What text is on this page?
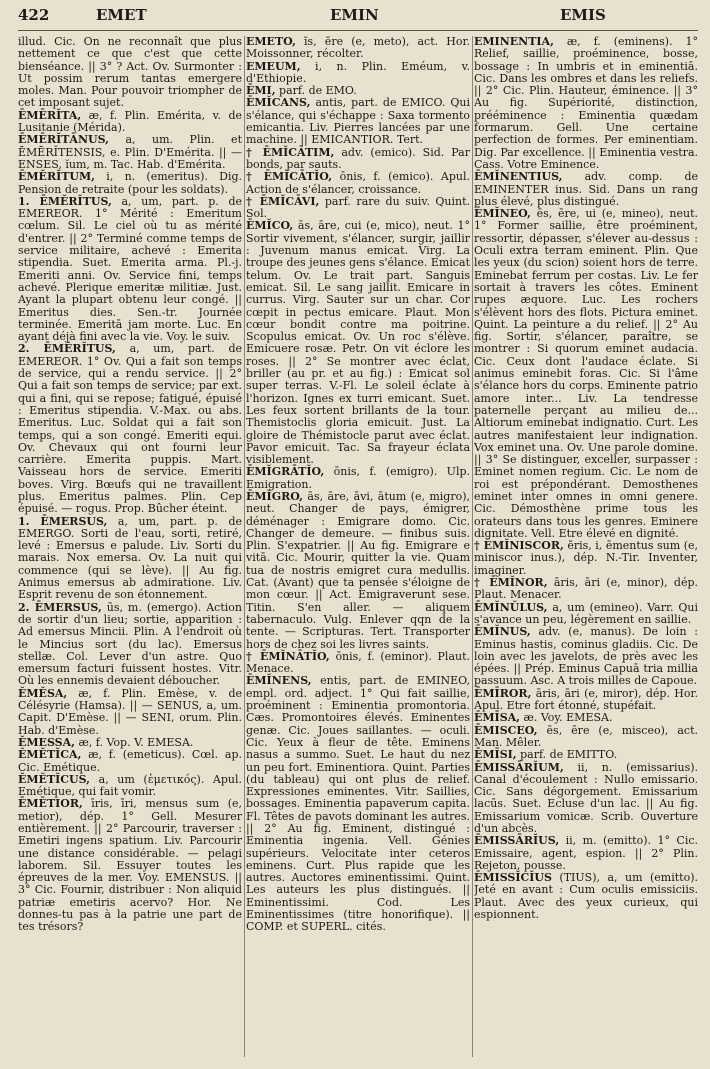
422	EMET	EMIN	EMIS

illud. Cic. On ne reconnaît que plus nettement ce que c'est que cette bienséance. || 3° ? Act. Ov. Surmonter : Ut possim rerum tantas emergere moles. Man. Pour pouvoir triompher de cet imposant sujet.

ĒMĒRĬTA, æ, f. Plin. Emérita, v. de Lusitanie (Mérida).

ĒMĒRĬTĀNUS, a, um. Plin. et ĒMĒRĬTENSIS, e. Plin. D'Emérita. || — ENSES, ĭum, m. Tac. Hab. d'Emérita.

ĒMĔRĬTUM, i, n. (emeritus). Dig. Pension de retraite (pour les soldats).

1. ĒMĔRĬTUS, a, um, part. p. de EMEREOR. 1° Mérité : Emeritum cœlum. Sil. Le ciel où tu as mérité d'entrer. || 2° Terminé comme temps de service militaire, achevé : Emerita stipendia. Suet. Emerita arma. Pl.-j. Emeriti anni. Ov. Service fini, temps achevé. Plerique emeritæ militiæ. Just. Ayant la plupart obtenu leur congé. || Emeritus dies. Sen.-tr. Journée terminée. Emeritā jam morte. Luc. En ayant déjà fini avec la vie. Voy. le suiv.

2. ĒMĔRĬTUS, a, um, part. de EMEREOR. 1° Ov. Qui a fait son temps de service, qui a rendu service. || 2° Qui a fait son temps de service; par ext. qui a fini, qui se repose; fatigué, épuisé : Emeritus stipendia. V.-Max. ou abs. Emeritus. Luc. Soldat qui a fait son temps, qui a son congé. Emeriti equi. Ov. Chevaux qui ont fourni leur carrière. Emerita puppis. Mart. Vaisseau hors de service. Emeriti boves. Virg. Bœufs qui ne travaillent plus. Emeritus palmes. Plin. Cep épuisé. — rogus. Prop. Bûcher éteint.

1. ĒMERSUS, a, um, part. p. de EMERGO. Sorti de l'eau, sorti, retiré, levé : Emersus e palude. Liv. Sorti du marais. Nox emersa. Ov. La nuit qui commence (qui se lève). || Au fig. Animus emersus ab admiratione. Liv. Esprit revenu de son étonnement.

2. ĒMERSUS, ūs, m. (emergo). Action de sortir d'un lieu; sortie, apparition : Ad emersus Mincii. Plin. A l'endroit où le Mincius sort (du lac). Emersus stellæ. Col. Lever d'un astre. Quo emersum facturi fuissent hostes. Vitr. Où les ennemis devaient déboucher.

ĔMĔSA, æ, f. Plin. Emèse, v. de Célésyrie (Hamsa). || — SENUS, a, um. Capit. D'Emèse. || — SENI, orum. Plin. Hab. d'Emèse.

ĔMESSA, æ, f. Vop. V. EMESA.

ĔMĔTĬCA, æ, f. (emeticus). Cœl. ap. Cic. Emétique.

ĔMĔTĬCUS, a, um (ἐμετικός). Apul. Emétique, qui fait vomir.

ĒMĒTIOR, īris, īri, mensus sum (e, metior), dép. 1° Gell. Mesurer entièrement. || 2° Parcourir, traverser : Emetiri ingens spatium. Liv. Parcourir une distance considérable. — pelagi laborem. Sil. Essuyer toutes les épreuves de la mer. Voy. EMENSUS. || 3° Cic. Fournir, distribuer : Non aliquid patriæ emetiris acervo? Hor. Ne donnes-tu pas à la patrie une part de tes trésors?

ĒMĔTO, ĭs, ĕre (e, meto), act. Hor. Moissonner, récolter.

EMEUM, i, n. Plin. Eméum, v. d'Ethiopie.

ĒMI, parf. de EMO.

ĒMĬCANS, antis, part. de EMICO. Qui s'élance, qui s'échappe : Saxa tormento emicantia. Liv. Pierres lancées par une machine. || EMICANTIOR. Tert.

† ĒMĬCĀTIM, adv. (emico). Sid. Par bonds, par sauts.

† ĒMĬCĀTĬO, ōnis, f. (emico). Apul. Action de s'élancer, croissance.

† ĒMĬCĀVI, parf. rare du suiv. Quint. Sol.

ĒMĬCO, ās, āre, cui (e, mico), neut. 1° Sortir vivement, s'élancer, surgir, jaillir : Juvenum manus emicat. Virg. La troupe des jeunes gens s'élance. Emicat telum. Ov. Le trait part. Sanguis emicat. Sil. Le sang jaillit. Emicare in currus. Virg. Sauter sur un char. Cor cœpit in pectus emicare. Plaut. Mon cœur bondit contre ma poitrine. Scopulus emicat. Ov. Un roc s'élève. Emicuere rosæ. Petr. On vit éclore les roses. || 2° Se montrer avec éclat, briller (au pr. et au fig.) : Emicat sol super terras. V.-Fl. Le soleil éclate à l'horizon. Ignes ex turri emicant. Suet. Les feux sortent brillants de la tour. Themistoclis gloria emicuit. Just. La gloire de Thémistocle parut avec éclat. Pavor emicuit. Tac. Sa frayeur éclata visiblement.

ĒMĬGRĀTĬO, ōnis, f. (emigro). Ulp. Emigration.

ĒMĬGRO, ās, āre, āvi, ātum (e, migro), neut. Changer de pays, émigrer, déménager : Emigrare domo. Cic. Changer de demeure. — finibus suis. Plin. S'expatrier. || Au fig. Emigrare e vitā. Cic. Mourir, quitter la vie. Quam tua de nostris emigret cura medullis. Cat. (Avant) que ta pensée s'éloigne de mon cœur. || Act. Emigraverunt sese. Titin. S'en aller. — aliquem tabernaculo. Vulg. Enlever qqn de la tente. — Scripturas. Tert. Transporter hors de chez soi les livres saints.

† ĒMĬNĀTĬO, ōnis, f. (eminor). Plaut. Menace.

ĒMĬNENS, entis, part. de EMINEO, empl. ord. adject. 1° Qui fait saillie, proéminent : Eminentia promontoria. Cæs. Promontoires élevés. Eminentes genæ. Cic. Joues saillantes. — oculi. Cic. Yeux à fleur de tête. Eminens nasus a summo. Suet. Le haut du nez un peu fort. Eminentiora. Quint. Parties (du tableau) qui ont plus de relief. Expressiones eminentes. Vitr. Saillies, bossages. Eminentia papaverum capita. Fl. Têtes de pavots dominant les autres. || 2° Au fig. Eminent, distingué : Eminentia ingenia. Vell. Génies supérieurs. Velocitate inter ceteros eminens. Curt. Plus rapide que les autres. Auctores eminentissimi. Quint. Les auteurs les plus distingués. || Eminentissimi. Cod. Les Eminentissimes (titre honorifique). || COMP. et SUPERL. cités.

ĒMĬNENTIA, æ, f. (eminens). 1° Relief, saillie, proéminence, bosse, bossage : In umbris et in eminentiā. Cic. Dans les ombres et dans les reliefs. || 2° Cic. Plin. Hauteur, éminence. || 3° Au fig. Supériorité, distinction, prééminence : Eminentia quædam formarum. Gell. Une certaine perfection de formes. Per eminentiam. Dig. Par excellence. || Eminentia vestra. Cass. Votre Eminence.

ĒMĬNENTIUS, adv. comp. de EMINENTER inus. Sid. Dans un rang plus élevé, plus distingué.

ĒMĬNEO, ēs, ēre, ui (e, mineo), neut. 1° Former saillie, être proéminent, ressortir, dépasser, s'élever au-dessus : Oculi extra terram eminent. Plin. Que les yeux (du scion) soient hors de terre. Eminebat ferrum per costas. Liv. Le fer sortait à travers les côtes. Eminent rupes æquore. Luc. Les rochers s'élèvent hors des flots. Pictura eminet. Quint. La peinture a du relief. || 2° Au fig. Sortir, s'élancer, paraître, se montrer : Si quorum eminet audacia. Cic. Ceux dont l'audace éclate. Si animus eminebit foras. Cic. Si l'âme s'élance hors du corps. Eminente patrio amore inter... Liv. La tendresse paternelle perçant au milieu de... Altiorum eminebat indignatio. Curt. Les autres manifestaient leur indignation. Vox eminet una. Ov. Une parole domine. || 3° Se distinguer, exceller, surpasser : Eminet nomen regium. Cic. Le nom de roi est prépondérant. Demosthenes eminet inter omnes in omni genere. Cic. Démosthène prime tous les orateurs dans tous les genres. Eminere dignitate. Vell. Etre élevé en dignité.

† ĒMĬNISCOR, ĕris, i, ēmentus sum (e, miniscor inus.), dép. N.-Tir. Inventer, imaginer.

† ĒMĬNOR, āris, āri (e, minor), dép. Plaut. Menacer.

ĒMĬNŬLUS, a, um (emineo). Varr. Qui s'avance un peu, légèrement en saillie.

ĒMĬNUS, adv. (e, manus). De loin : Eminus hastis, cominus gladiis. Cic. De loin avec les javelots, de près avec les épées. || Prép. Eminus Capuā tria millia passuum. Asc. A trois milles de Capoue.

ĒMĪROR, āris, āri (e, miror), dép. Hor. Apul. Etre fort étonné, stupéfait.

ĒMĪSA, æ. Voy. EMESA.

ĒMISCEO, ēs, ēre (e, misceo), act. Man. Mêler.

ĒMĪSI, parf. de EMITTO.

ĒMISSĀRĬUM, ii, n. (emissarius). Canal d'écoulement : Nullo emissario. Cic. Sans dégorgement. Emissarium lacūs. Suet. Ecluse d'un lac. || Au fig. Emissarium vomicæ. Scrib. Ouverture d'un abcès.

ĒMISSĀRĬUS, ii, m. (emitto). 1° Cic. Emissaire, agent, espion. || 2° Plin. Rejeton, pousse.

ĒMISSĬCĬUS (TIUS), a, um (emitto). Jeté en avant : Cum oculis emissiciis. Plaut. Avec des yeux curieux, qui espionnent.
